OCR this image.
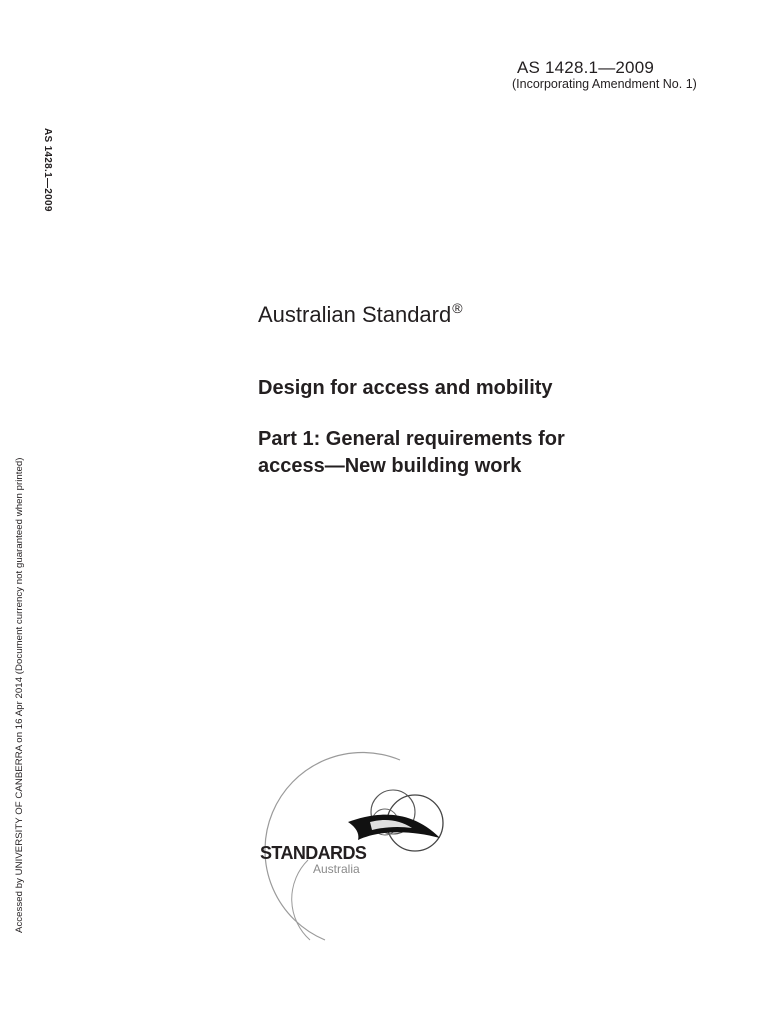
AS 1428.1—2009
(Incorporating Amendment No. 1)
AS 1428.1—2009
Accessed by UNIVERSITY OF CANBERRA on 16 Apr 2014 (Document currency not guaranteed when printed)
Australian Standard®
Design for access and mobility
Part 1: General requirements for
access—New building work
STANDARDS
Australia
